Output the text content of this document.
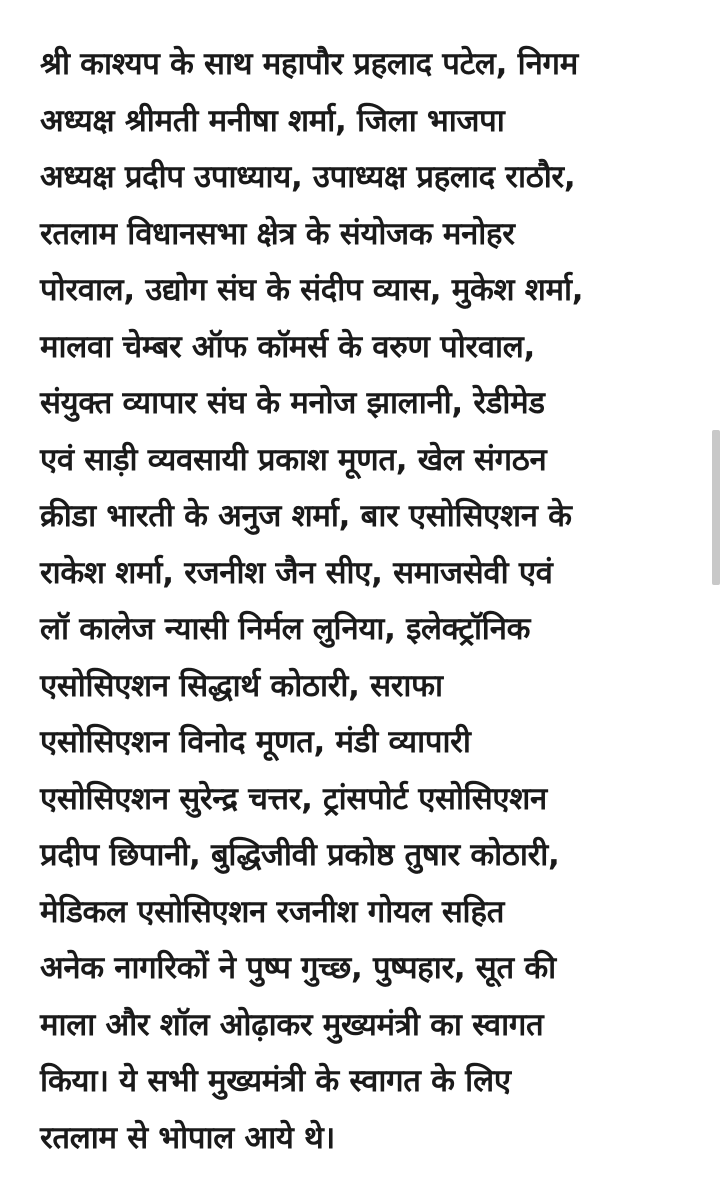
श्री काश्यप के साथ महापौर प्रहलाद पटेल, निगम
अध्यक्ष श्रीमती मनीषा शर्मा, जिला भाजपा
अध्यक्ष प्रदीप उपाध्याय, उपाध्यक्ष प्रहलाद राठौर,
रतलाम विधानसभा क्षेत्र के संयोजक मनोहर
पोरवाल, उद्योग संघ के संदीप व्यास, मुकेश शर्मा,
मालवा चेम्बर ऑफ कॉमर्स के वरुण पोरवाल,
संयुक्त व्यापार संघ के मनोज झालानी, रेडीमेड
एवं साड़ी व्यवसायी प्रकाश मूणत, खेल संगठन
क्रीडा भारती के अनुज शर्मा, बार एसोसिएशन के
राकेश शर्मा, रजनीश जैन सीए, समाजसेवी एवं
लॉ कालेज न्यासी निर्मल लुनिया, इलेक्ट्रॉनिक
एसोसिएशन सिद्धार्थ कोठारी, सराफा
एसोसिएशन विनोद मूणत, मंडी व्यापारी
एसोसिएशन सुरेन्द्र चत्तर, ट्रांसपोर्ट एसोसिएशन
प्रदीप छिपानी, बुद्धिजीवी प्रकोष्ठ तुषार कोठारी,
मेडिकल एसोसिएशन रजनीश गोयल सहित
अनेक नागरिकों ने पुष्प गुच्छ, पुष्पहार, सूत की
माला और शॉल ओढ़ाकर मुख्यमंत्री का स्वागत
किया। ये सभी मुख्यमंत्री के स्वागत के लिए
रतलाम से भोपाल आये थे।
